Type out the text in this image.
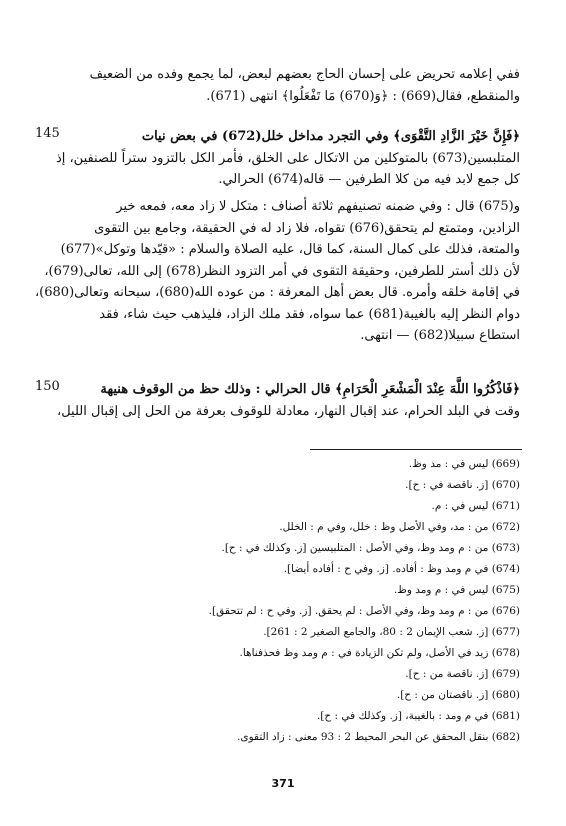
ففي إعلامه تحريض على إحسان الحاج بعضهم لبعض، لما يجمع وفده من الضعيف
والمنقطع، فقال(669) : ﴿وَ(670) مَا تَفْعَلُوا﴾ انتهى (671).
145	﴿فَإِنَّ خَيْرَ الزَّادِ التَّقْوَى﴾ وفي التجرد مداخل خلل(672) في بعض نيات
المتلبسين(673) بالمتوكلين من الاتكال على الخلق، فأمر الكل بالتزود ستراً للصنفين، إذ
كل جمع لابد فيه من كلا الطرفين — قاله(674) الحرالي.
و(675) قال : وفي ضمنه تصنيفهم ثلاثة أصناف : متكل لا زاد معه، فمعه خير
الزادين، ومتمتع لم يتحقق(676) تقواه، فلا زاد له في الحقيقة، وجامع بين التقوى
والمتعة، فذلك على كمال السنة، كما قال، عليه الصلاة والسلام : «قيّدها وتوكل»(677)
لأن ذلك أستر للطرفين، وحقيقة التقوى في أمر التزود النظر(678) إلى الله، تعالى(679)،
في إقامة خلقه وأمره. قال بعض أهل المعرفة : من عوده الله(680)، سبحانه وتعالى(680)،
دوام النظر إليه بالغيبة(681) عما سواه، فقد ملك الزاد، فليذهب حيث شاء، فقد
استطاع سبيلا(682) — انتهى.
150	﴿فَاذْكُرُوا اللَّهَ عِنْدَ الْمَشْعَرِ الْحَرَامِ﴾ قال الحرالي : وذلك حظ من الوقوف هنيهة
وقت في البلد الحرام، عند إقبال النهار، معادلة للوقوف بعرفة من الحل إلى إقبال الليل،
(669) ليس في : مد وظ.
(670) [ز. ناقصة في : ح].
(671) ليس في : م.
(672) من : مد، وفي الأصل وظ : خلل، وفي م : الخلل.
(673) من : م ومد وظ، وفي الأصل : المتلبيسين [ز. وكذلك في : ح].
(674) في م ومد وظ : أفاده. [ز. وفي ح : أفاده أيضا].
(675) ليس في : م ومد وظ.
(676) من : م ومد وظ، وفي الأصل : لم يحقق. [ز. وفي ح : لم تتحقق].
(677) [ز. شعب الإيمان 2 : 80، والجامع الصغير 2 : 261].
(678) زيد في الأصل، ولم تكن الزيادة في : م ومد وظ فحذفناها.
(679) [ز. ناقصة من : ح].
(680) [ز. ناقصتان من : ح].
(681) في م ومد : بالغيبة، [ز. وكذلك في : ح].
(682) بنقل المحقق عن البحر المحيط 2 : 93 معنى : زاد التقوى.
371
